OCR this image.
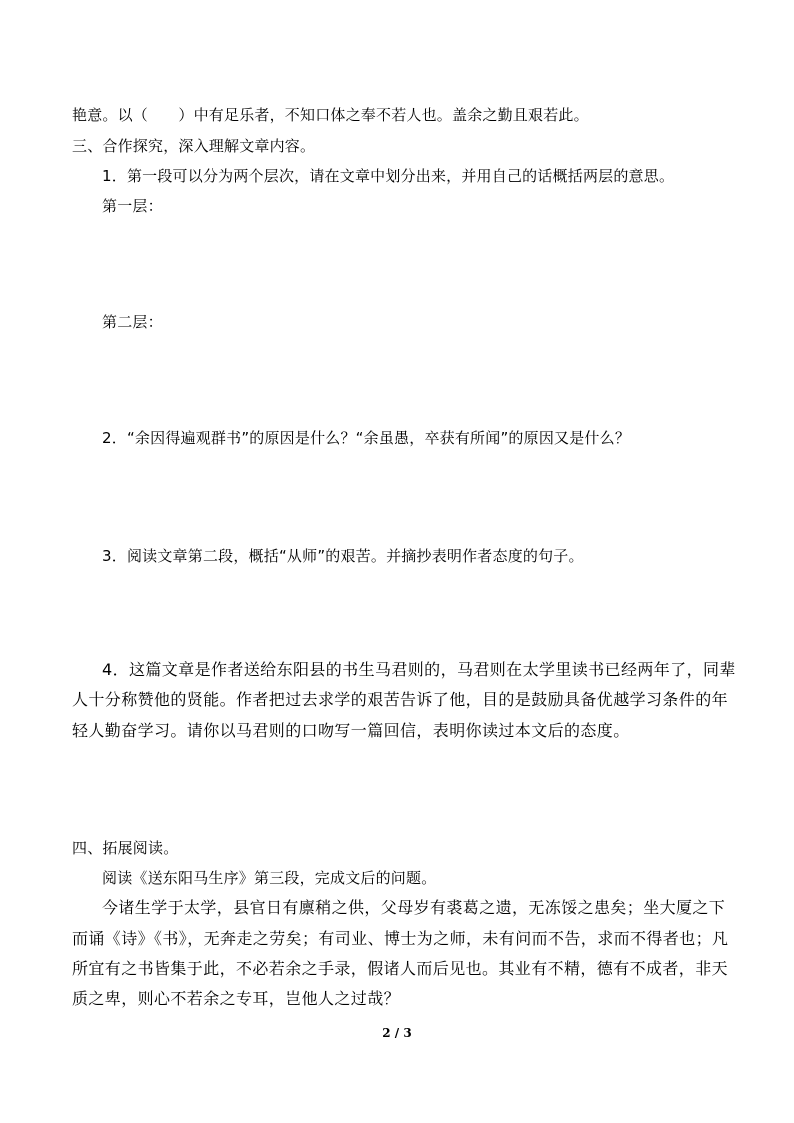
艳意。以（　　）中有足乐者，不知口体之奉不若人也。盖余之勤且艰若此。
三、合作探究，深入理解文章内容。
1．第一段可以分为两个层次，请在文章中划分出来，并用自己的话概括两层的意思。
第一层：
第二层：
2．“余因得遍观群书”的原因是什么？“余虽愚，卒获有所闻”的原因又是什么？
3．阅读文章第二段，概括“从师”的艰苦。并摘抄表明作者态度的句子。
4．这篇文章是作者送给东阳县的书生马君则的，马君则在太学里读书已经两年了，同辈
人十分称赞他的贤能。作者把过去求学的艰苦告诉了他，目的是鼓励具备优越学习条件的年
轻人勤奋学习。请你以马君则的口吻写一篇回信，表明你读过本文后的态度。
四、拓展阅读。
阅读《送东阳马生序》第三段，完成文后的问题。
今诸生学于太学，县官日有廪稍之供，父母岁有裘葛之遗，无冻馁之患矣；坐大厦之下
而诵《诗》《书》，无奔走之劳矣；有司业、博士为之师，未有问而不告，求而不得者也；凡
所宜有之书皆集于此，不必若余之手录，假诸人而后见也。其业有不精，德有不成者，非天
质之卑，则心不若余之专耳，岂他人之过哉？
2 / 3
